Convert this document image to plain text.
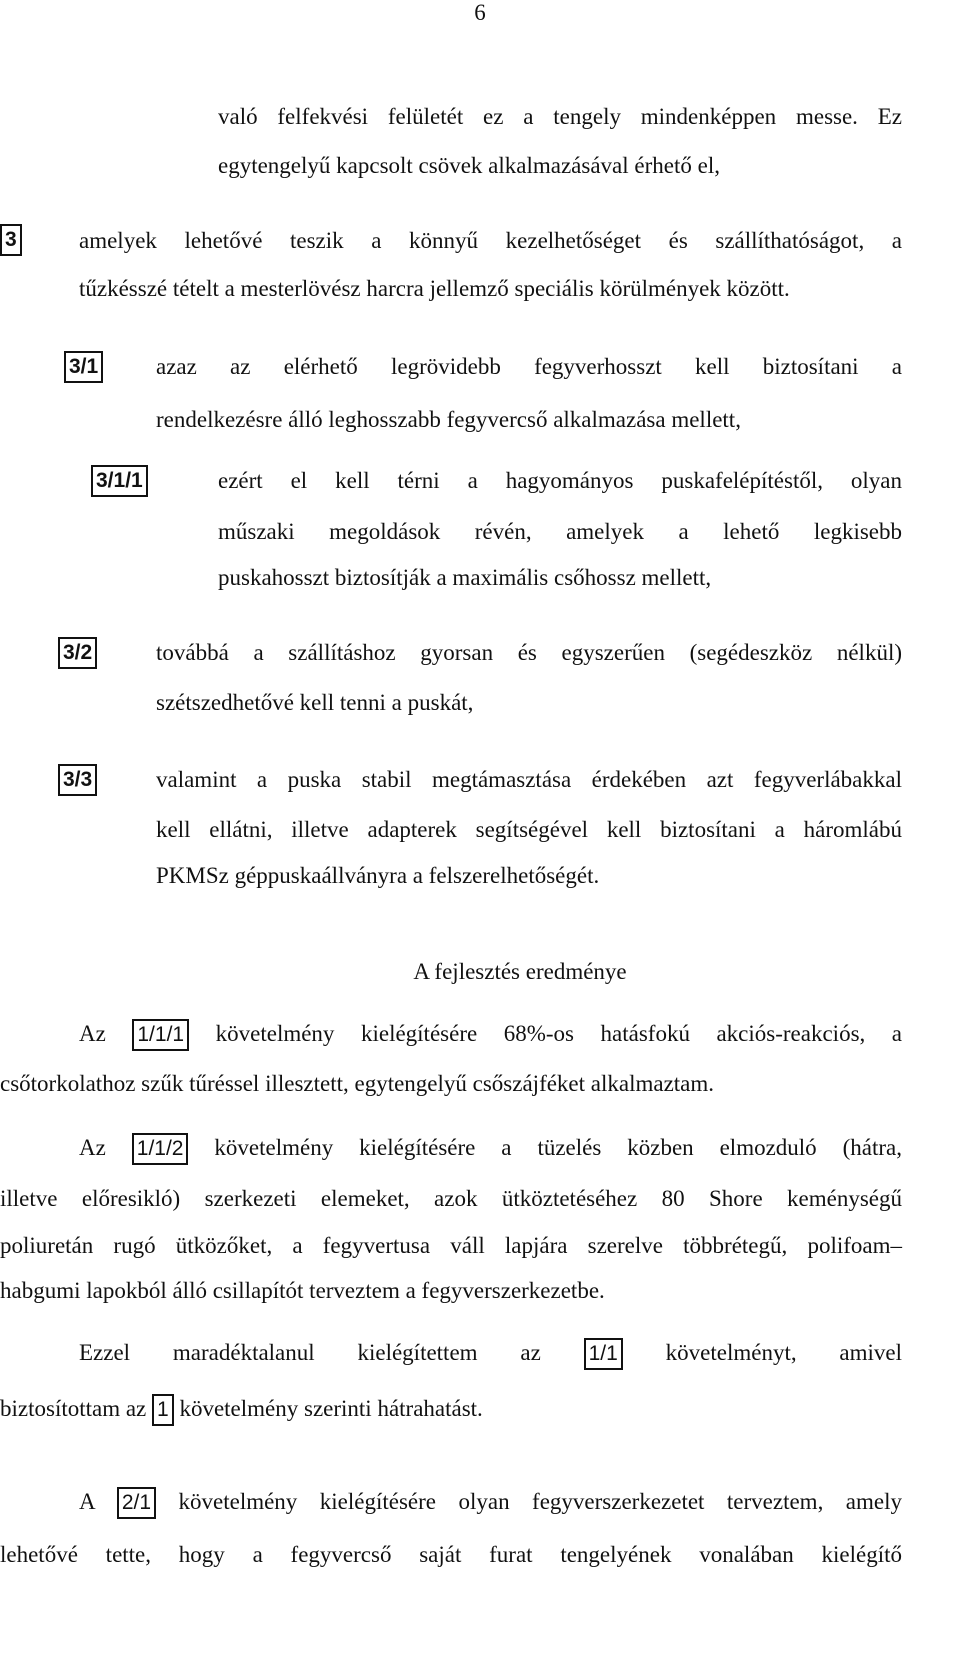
6
való felfekvési felületét ez a tengely mindenképpen messe. Ez
egytengelyű kapcsolt csövek alkalmazásával érhető el,
3	amelyek lehetővé teszik a könnyű kezelhetőséget és szállíthatóságot, a
tűzkésszé tételt a mesterlövész harcra jellemző speciális körülmények között.
3/1	azaz az elérhető legrövidebb fegyverhosszt kell biztosítani a
rendelkezésre álló leghosszabb fegyvercső alkalmazása mellett,
3/1/1	ezért el kell térni a hagyományos puskafelépítéstől, olyan
műszaki megoldások révén, amelyek a lehető legkisebb
puskahosszt biztosítják a maximális csőhossz mellett,
3/2	továbbá a szállításhoz gyorsan és egyszerűen (segédeszköz nélkül)
szétszedhetővé kell tenni a puskát,
3/3	valamint a puska stabil megtámasztása érdekében azt fegyverlábakkal
kell ellátni, illetve adapterek segítségével kell biztosítani a háromlábú
PKMSz géppuskaállványra a felszerelhetőségét.
A fejlesztés eredménye
Az 1/1/1 követelmény kielégítésére 68%-os hatásfokú akciós-reakciós, a
csőtorkolathoz szűk tűréssel illesztett, egytengelyű csőszájféket alkalmaztam.
Az 1/1/2 követelmény kielégítésére a tüzelés közben elmozduló (hátra,
illetve előresikló) szerkezeti elemeket, azok ütköztetéséhez 80 Shore keménységű
poliuretán rugó ütközőket, a fegyvertusa váll lapjára szerelve többrétegű, polifoam–
habgumi lapokból álló csillapítót terveztem a fegyverszerkezetbe.
Ezzel maradéktalanul kielégítettem az 1/1 követelményt, amivel
biztosítottam az 1 követelmény szerinti hátrahatást.
A 2/1 követelmény kielégítésére olyan fegyverszerkezetet terveztem, amely
lehetővé tette, hogy a fegyvercső saját furat tengelyének vonalában kielégítő
